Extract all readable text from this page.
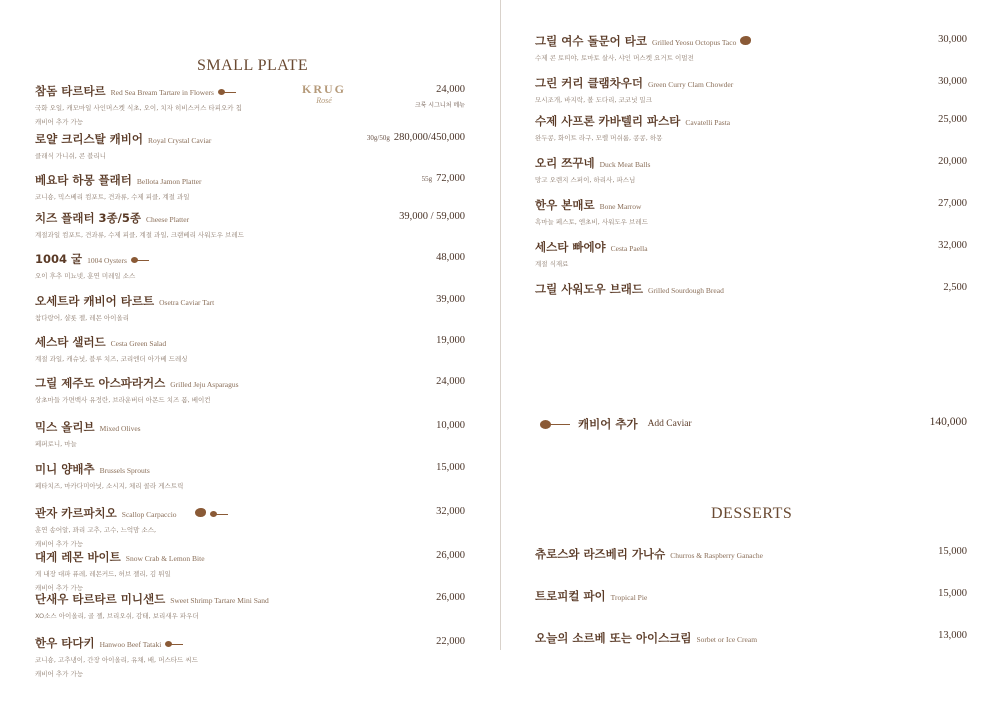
SMALL PLATE
KRUG
Rosé
크룩 시그니처 메뉴
참돔 타르타르 Red Sea Bream Tartare in Flowers
국화 오일, 캐모마일 사인머스켓 식초, 오이, 치자 히비스커스 타피오카 칩
캐비어 추가 가능
24,000
로얄 크리스탈 캐비어 Royal Crystal Caviar
클래식 가니쉬, 콘 블리니
30g/50g 280,000/450,000
베요타 하몽 플래터 Bellota Jamon Platter
코니숑, 믹스베리 컴포트, 견과류, 수제 피클, 계절 과일
55g 72,000
치즈 플래터 3종/5종 Cheese Platter
계절과일 컴포트, 견과류, 수제 피클, 계절 과일, 크랜베리 사워도우 브레드
39,000 / 59,000
1004 굴 1004 Oysters
오이 후추 미뇨넷, 훈연 미레일 소스
48,000
오세트라 캐비어 타르트 Osetra Caviar Tart
참다랑어, 샬롯 젤, 레몬 아이올리
39,000
세스타 샐러드 Cesta Green Salad
계절 과일, 캐슈넛, 블루 치즈, 코리엔더 아가베 드레싱
19,000
그릴 제주도 아스파라거스 Grilled Jeju Asparagus
상초마들 가면백사 유정란, 브라운버터 아몬드 치즈 폼, 베이컨
24,000
믹스 올리브 Mixed Olives
페퍼로니, 마늘
10,000
미니 양배추 Brussels Sprouts
페타치즈, 마카다미아넛, 소시지, 체리 콜라 게스트릭
15,000
관자 카르파치오 Scallop Carpaccio
훈연 송어알, 꽈리 고추, 고수, 느억맘 소스,
캐비어 추가 가능
32,000
대게 레몬 바이트 Snow Crab & Lemon Bite
게 내장 대파 퓨레, 레몬커드, 허브 젤리, 김 튀일
캐비어 추가 가능
26,000
단새우 타르타르 미니샌드 Sweet Shrimp Tartare Mini Sand
XO소스 아이올리, 골 젤, 브리오쉬, 감태, 보리새우 파우더
26,000
한우 타다키 Hanwoo Beef Tataki
코니숑, 고추냉이, 간장 아이올리, 유채, 배, 머스타드 씨드
캐비어 추가 가능
22,000
그릴 여수 돌문어 타코 Grilled Yeosu Octopus Taco
수제 콘 토띠야, 토마토 살사, 샤인 머스켓 요거트 이멀전
30,000
그린 커리 클램차우더 Green Curry Clam Chowder
모시조개, 바지락, 볼 도다리, 코코넛 밀크
30,000
수제 사프론 카바텔리 파스타 Cavatelli Pasta
완두콩, 화이트 라구, 모렐 머쉬룸, 콩콩, 하몽
25,000
오리 쯔꾸네 Duck Meat Balls
망고 오렌지 스퍼이, 하리사, 파스님
20,000
한우 본매로 Bone Marrow
흑마늘 페스토, 엔초비, 사워도우 브레드
27,000
세스타 빠에야 Cesta Paella
계절 식재료
32,000
그릴 사워도우 브래드 Grilled Sourdough Bread	2,500
캐비어 추가 Add Caviar	140,000
DESSERTS
츄로스와 라즈베리 가나슈 Churros & Raspberry Ganache	15,000
트로피컬 파이 Tropical Pie	15,000
오늘의 소르베 또는 아이스크림 Sorbet or Ice Cream	13,000
